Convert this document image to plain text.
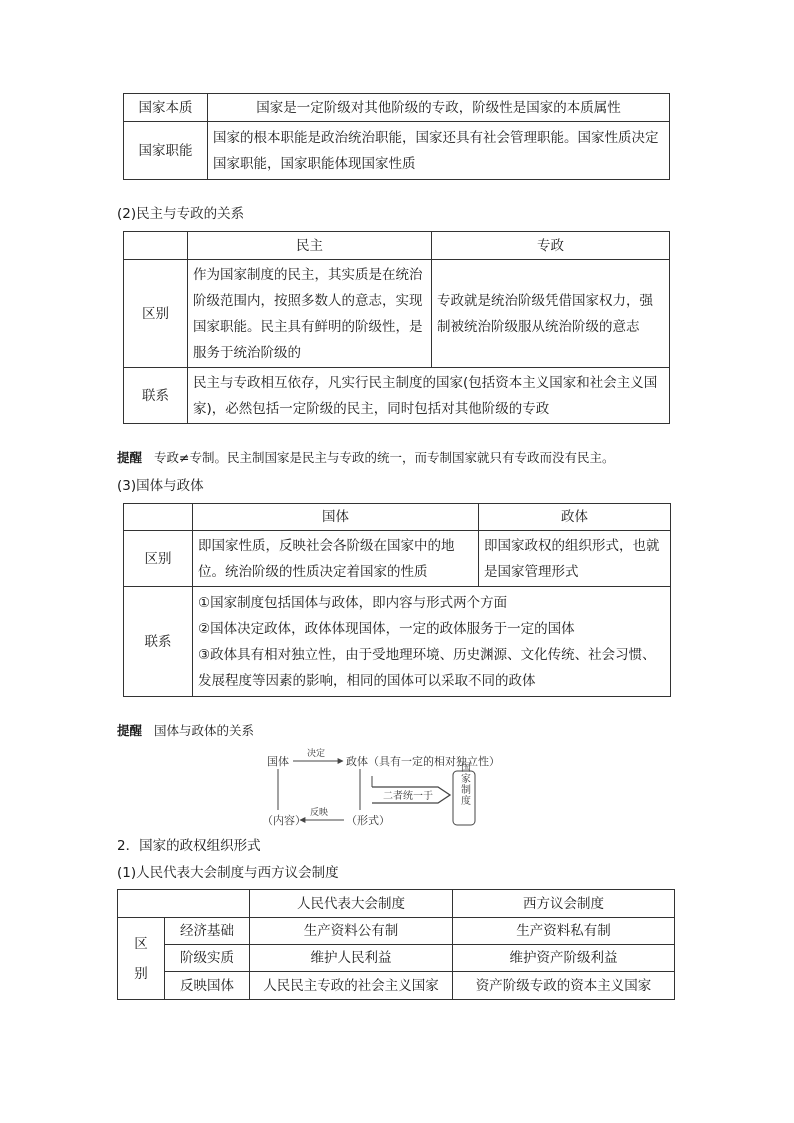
国家本质	国家是一定阶级对其他阶级的专政，阶级性是国家的本质属性
国家职能	国家的根本职能是政治统治职能，国家还具有社会管理职能。国家性质决定国家职能，国家职能体现国家性质
(2)民主与专政的关系
	民主	专政
区别	作为国家制度的民主，其实质是在统治阶级范围内，按照多数人的意志，实现国家职能。民主具有鲜明的阶级性，是服务于统治阶级的	专政就是统治阶级凭借国家权力，强制被统治阶级服从统治阶级的意志
联系	民主与专政相互依存，凡实行民主制度的国家(包括资本主义国家和社会主义国家)，必然包括一定阶级的民主，同时包括对其他阶级的专政	
提醒 专政≠专制。民主制国家是民主与专政的统一，而专制国家就只有专政而没有民主。
(3)国体与政体
	国体	政体
区别	即国家性质，反映社会各阶级在国家中的地位。统治阶级的性质决定着国家的性质	即国家政权的组织形式，也就是国家管理形式
联系	①国家制度包括国体与政体，即内容与形式两个方面
②国体决定政体，政体体现国体，一定的政体服务于一定的国体
③政体具有相对独立性，由于受地理环境、历史渊源、文化传统、社会习惯、发展程度等因素的影响，相同的国体可以采取不同的政体	
提醒 国体与政体的关系
国体
决定
政体（具有一定的相对独立性）
（内容）
反映
（形式）
二者统一于	国家制度
2．国家的政权组织形式
(1)人民代表大会制度与西方议会制度
		人民代表大会制度	西方议会制度
区别	经济基础	生产资料公有制	生产资料私有制
	阶级实质	维护人民利益	维护资产阶级利益
	反映国体	人民民主专政的社会主义国家	资产阶级专政的资本主义国家
